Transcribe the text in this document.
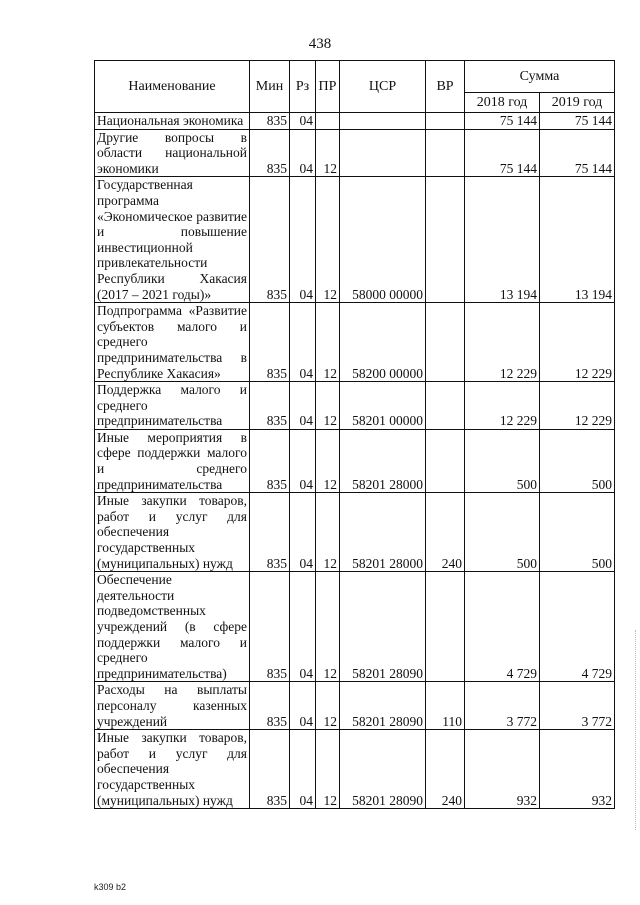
438
Наименование	Мин	Рз	ПР	ЦСР	ВР	Сумма	
						2018 год	2019 год
Национальная экономика	835	04				75 144	75 144
Другие вопросы в области национальной экономики	835	04	12			75 144	75 144
Государственная программа «Экономическое развитие и повышение инвестиционной привлекательности Республики Хакасия (2017 – 2021 годы)»	835	04	12	58000 00000		13 194	13 194
Подпрограмма «Развитие субъектов малого и среднего предпринимательства в Республике Хакасия»	835	04	12	58200 00000		12 229	12 229
Поддержка малого и среднего предпринимательства	835	04	12	58201 00000		12 229	12 229
Иные мероприятия в сфере поддержки малого и среднего предпринимательства	835	04	12	58201 28000		500	500
Иные закупки товаров, работ и услуг для обеспечения государственных (муниципальных) нужд	835	04	12	58201 28000	240	500	500
Обеспечение деятельности подведомственных учреждений (в сфере поддержки малого и среднего предпринимательства)	835	04	12	58201 28090		4 729	4 729
Расходы на выплаты персоналу казенных учреждений	835	04	12	58201 28090	110	3 772	3 772
Иные закупки товаров, работ и услуг для обеспечения государственных (муниципальных) нужд	835	04	12	58201 28090	240	932	932
k309 b2
